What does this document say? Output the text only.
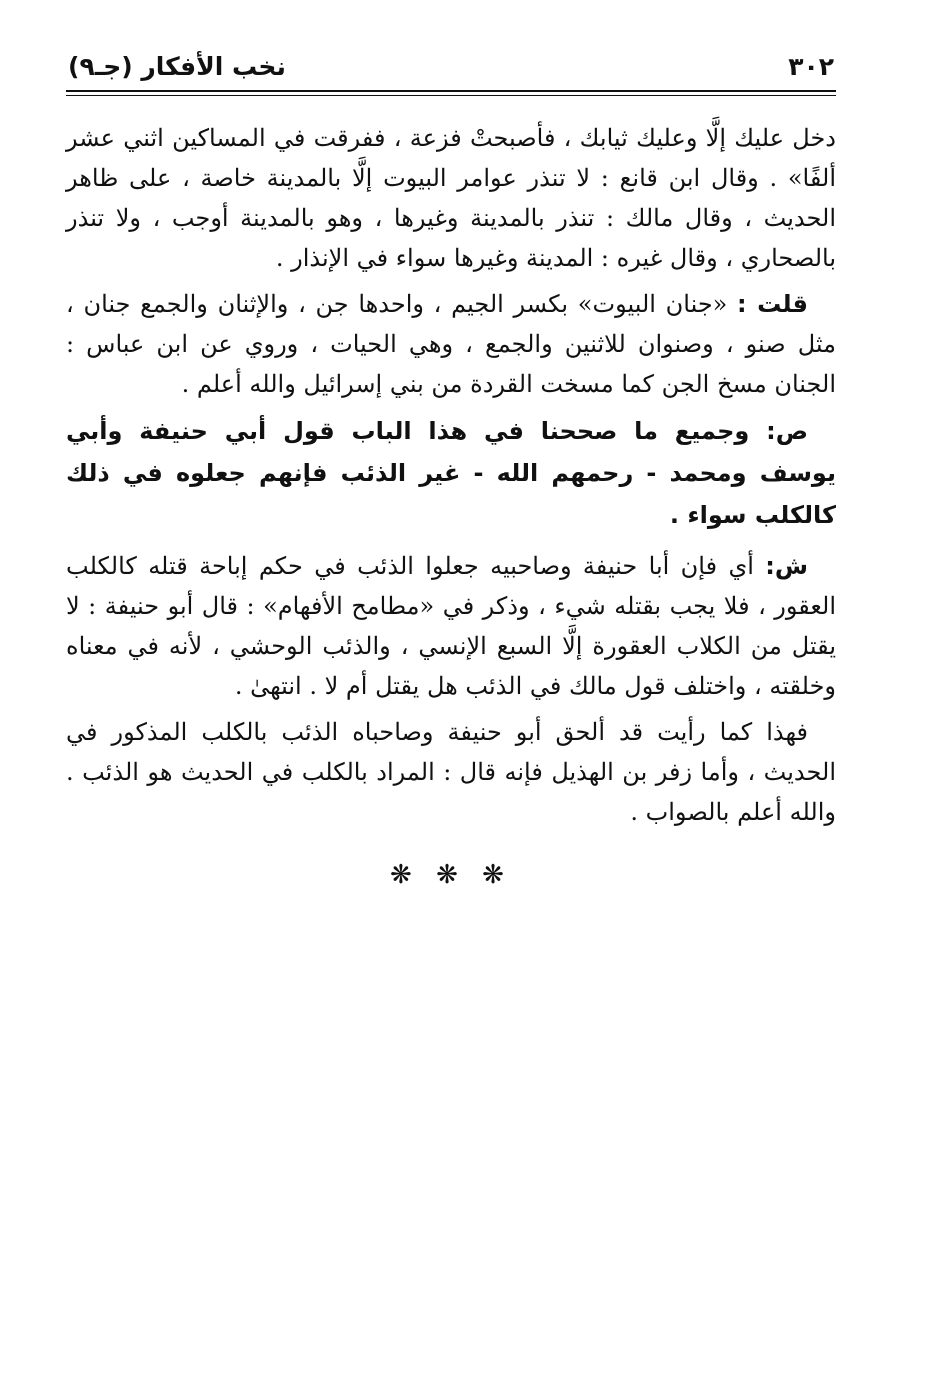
٣٠٢
نخب الأفكار (جـ٩)

دخل عليك إلَّا وعليك ثيابك ، فأصبحتْ فزعة ، ففرقت في المساكين اثني عشر ألفًا» . وقال ابن قانع : لا تنذر عوامر البيوت إلَّا بالمدينة خاصة ، على ظاهر الحديث ، وقال مالك : تنذر بالمدينة وغيرها ، وهو بالمدينة أوجب ، ولا تنذر بالصحاري ، وقال غيره : المدينة وغيرها سواء في الإنذار .

قلت : «جنان البيوت» بكسر الجيم ، واحدها جن ، والإثنان والجمع جنان ، مثل صنو ، وصنوان للاثنين والجمع ، وهي الحيات ، وروي عن ابن عباس : الجنان مسخ الجن كما مسخت القردة من بني إسرائيل والله أعلم .

ص: وجميع ما صححنا في هذا الباب قول أبي حنيفة وأبي يوسف ومحمد - رحمهم الله - غير الذئب فإنهم جعلوه في ذلك كالكلب سواء .

ش: أي فإن أبا حنيفة وصاحبيه جعلوا الذئب في حكم إباحة قتله كالكلب العقور ، فلا يجب بقتله شيء ، وذكر في «مطامح الأفهام» : قال أبو حنيفة : لا يقتل من الكلاب العقورة إلَّا السبع الإنسي ، والذئب الوحشي ، لأنه في معناه وخلقته ، واختلف قول مالك في الذئب هل يقتل أم لا . انتهىٰ .

فهذا كما رأيت قد ألحق أبو حنيفة وصاحباه الذئب بالكلب المذكور في الحديث ، وأما زفر بن الهذيل فإنه قال : المراد بالكلب في الحديث هو الذئب . والله أعلم بالصواب .

❋ ❋ ❋
